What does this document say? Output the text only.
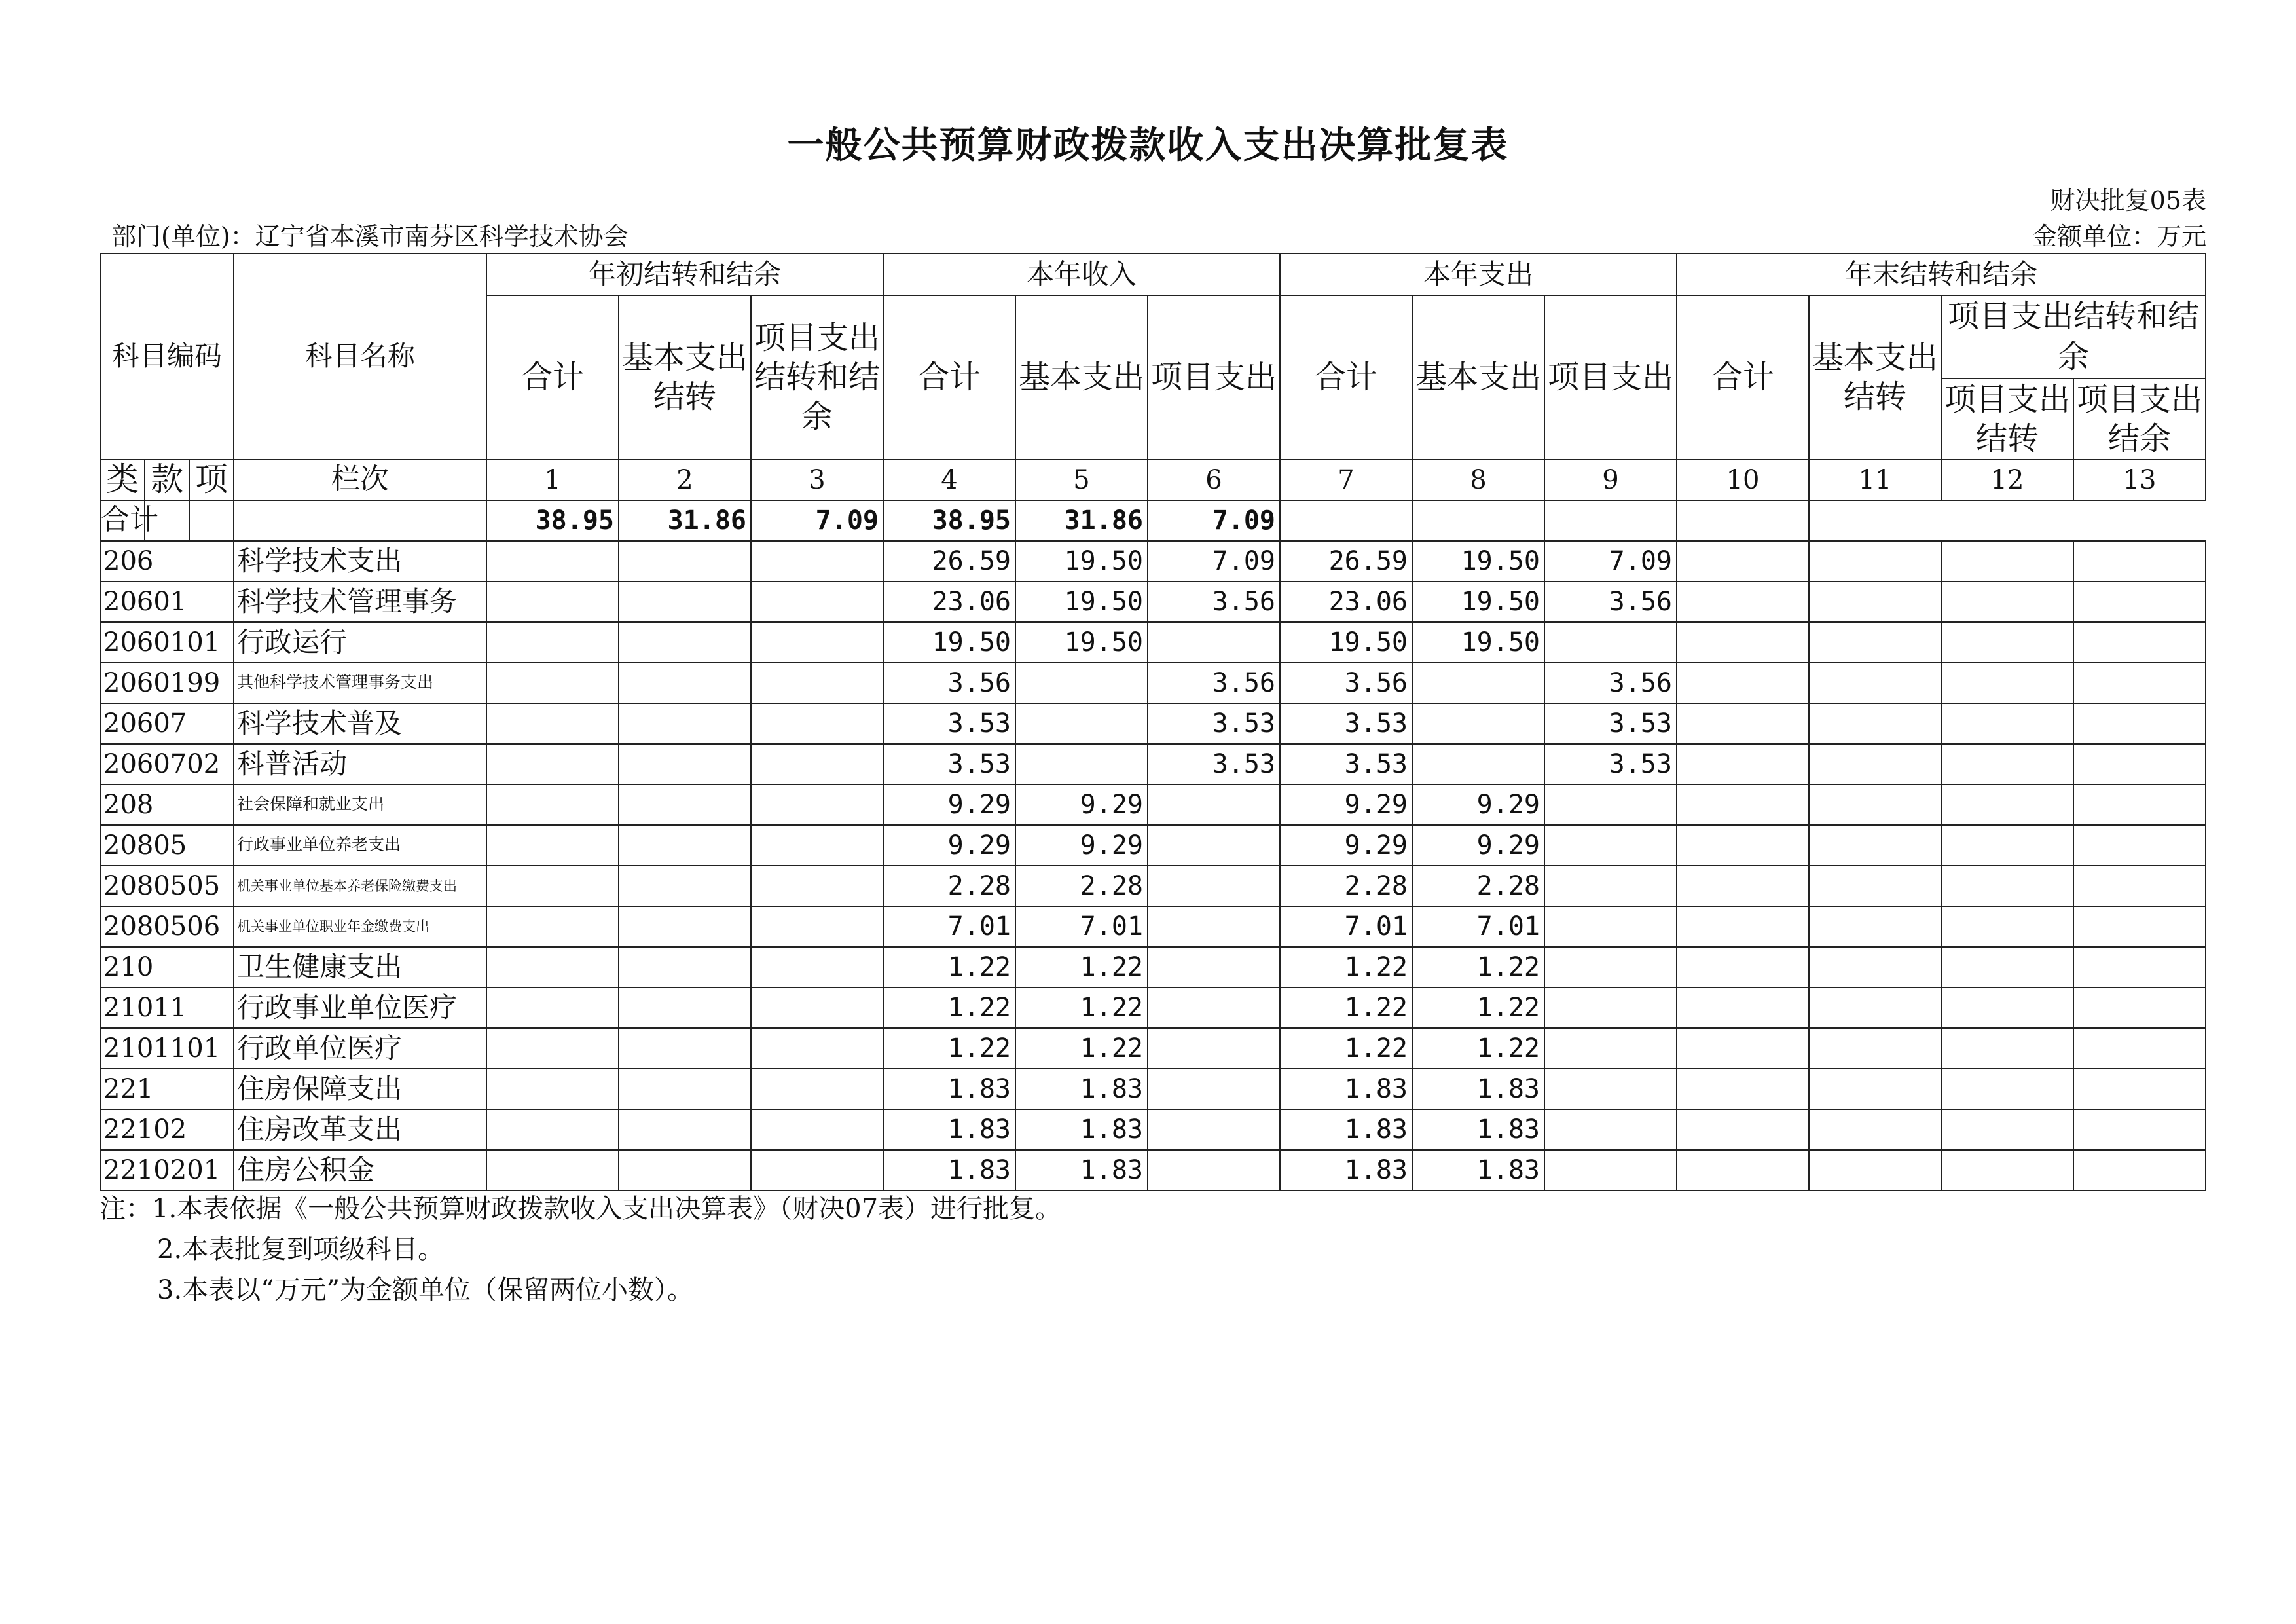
一般公共预算财政拨款收入支出决算批复表
财决批复05表
部门(单位)：辽宁省本溪市南芬区科学技术协会	金额单位：万元
科目编码			科目名称	年初结转和结余			本年收入			本年支出			年末结转和结余			
				合计	基本支出结转	项目支出结转和结余	合计	基本支出	项目支出	合计	基本支出	项目支出	合计	基本支出结转	项目支出结转和结余	
															项目支出结转	项目支出结余
类	款	项	栏次	1	2	3	4	5	6	7	8	9	10	11	12	13
合计				38.95	31.86	7.09	38.95	31.86	7.09							
206			科学技术支出				26.59	19.50	7.09	26.59	19.50	7.09				
20601			科学技术管理事务				23.06	19.50	3.56	23.06	19.50	3.56				
2060101			行政运行				19.50	19.50		19.50	19.50					
2060199			其他科学技术管理事务支出				3.56		3.56	3.56		3.56				
20607			科学技术普及				3.53		3.53	3.53		3.53				
2060702			科普活动				3.53		3.53	3.53		3.53				
208			社会保障和就业支出				9.29	9.29		9.29	9.29					
20805			行政事业单位养老支出				9.29	9.29		9.29	9.29					
2080505			机关事业单位基本养老保险缴费支出				2.28	2.28		2.28	2.28					
2080506			机关事业单位职业年金缴费支出				7.01	7.01		7.01	7.01					
210			卫生健康支出				1.22	1.22		1.22	1.22					
21011			行政事业单位医疗				1.22	1.22		1.22	1.22					
2101101			行政单位医疗				1.22	1.22		1.22	1.22					
221			住房保障支出				1.83	1.83		1.83	1.83					
22102			住房改革支出				1.83	1.83		1.83	1.83					
2210201			住房公积金				1.83	1.83		1.83	1.83					
注：1.本表依据《一般公共预算财政拨款收入支出决算表》（财决07表）进行批复。
2.本表批复到项级科目。
3.本表以“万元”为金额单位（保留两位小数）。
